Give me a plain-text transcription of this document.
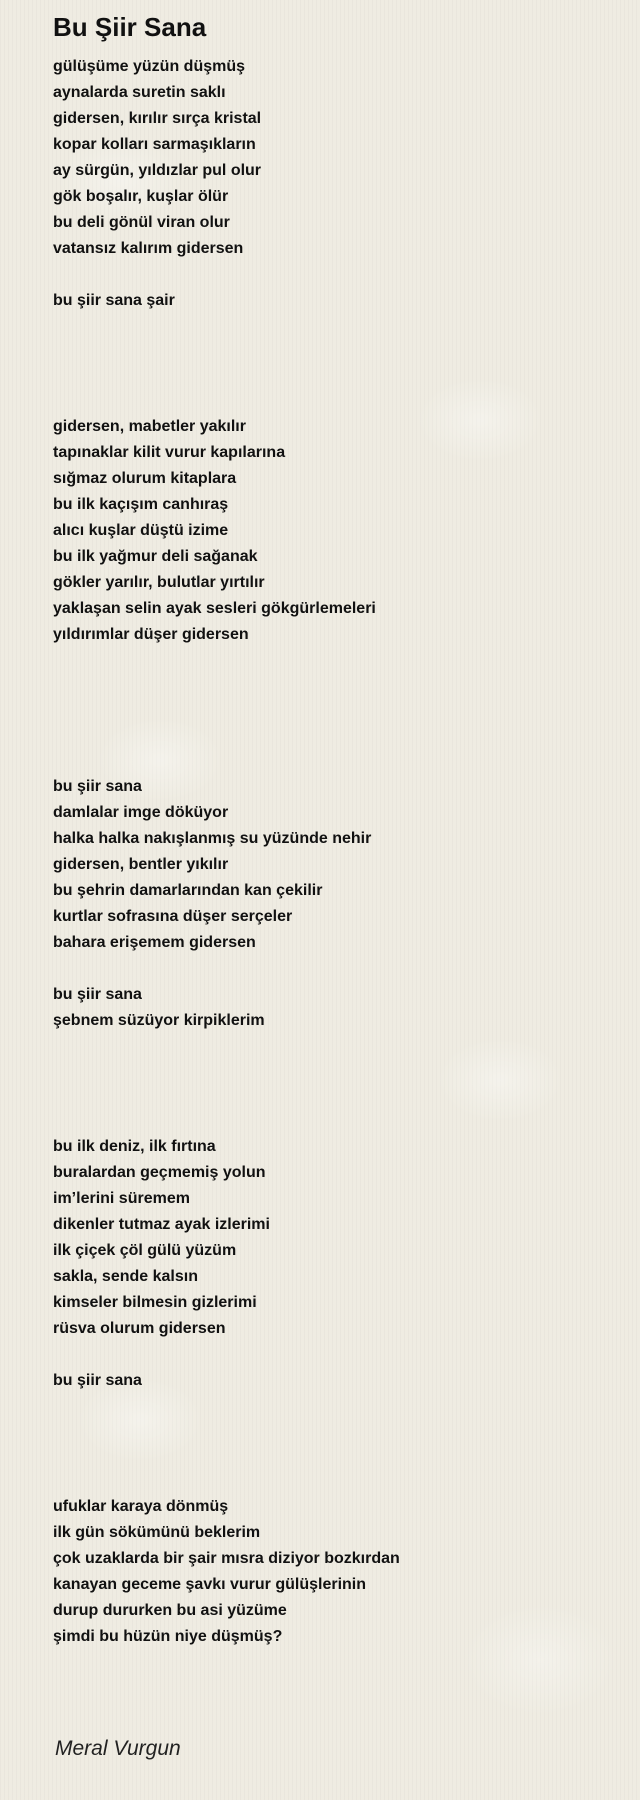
Bu Şiir Sana
gülüşüme yüzün düşmüş
aynalarda suretin saklı
gidersen, kırılır sırça kristal
kopar kolları sarmaşıkların
ay sürgün, yıldızlar pul olur
gök boşalır, kuşlar ölür
bu deli gönül viran olur
vatansız kalırım gidersen
bu şiir sana şair
gidersen, mabetler yakılır
tapınaklar kilit vurur kapılarına
sığmaz olurum kitaplara
bu ilk kaçışım canhıraş
alıcı kuşlar düştü izime
bu ilk yağmur deli sağanak
gökler yarılır, bulutlar yırtılır
yaklaşan selin ayak sesleri gökgürlemeleri
yıldırımlar düşer gidersen
bu şiir sana
damlalar imge döküyor
halka halka nakışlanmış su yüzünde nehir
gidersen, bentler yıkılır
bu şehrin damarlarından kan çekilir
kurtlar sofrasına düşer serçeler
bahara erişemem gidersen
bu şiir sana
şebnem süzüyor kirpiklerim
bu ilk deniz, ilk fırtına
buralardan geçmemiş yolun
im’lerini süremem
dikenler tutmaz ayak izlerimi
ilk çiçek çöl gülü yüzüm
sakla, sende kalsın
kimseler bilmesin gizlerimi
rüsva olurum gidersen
bu şiir sana
ufuklar karaya dönmüş
ilk gün sökümünü beklerim
çok uzaklarda bir şair mısra diziyor bozkırdan
kanayan geceme şavkı vurur gülüşlerinin
durup dururken bu asi yüzüme
şimdi bu hüzün niye düşmüş?
Meral Vurgun
